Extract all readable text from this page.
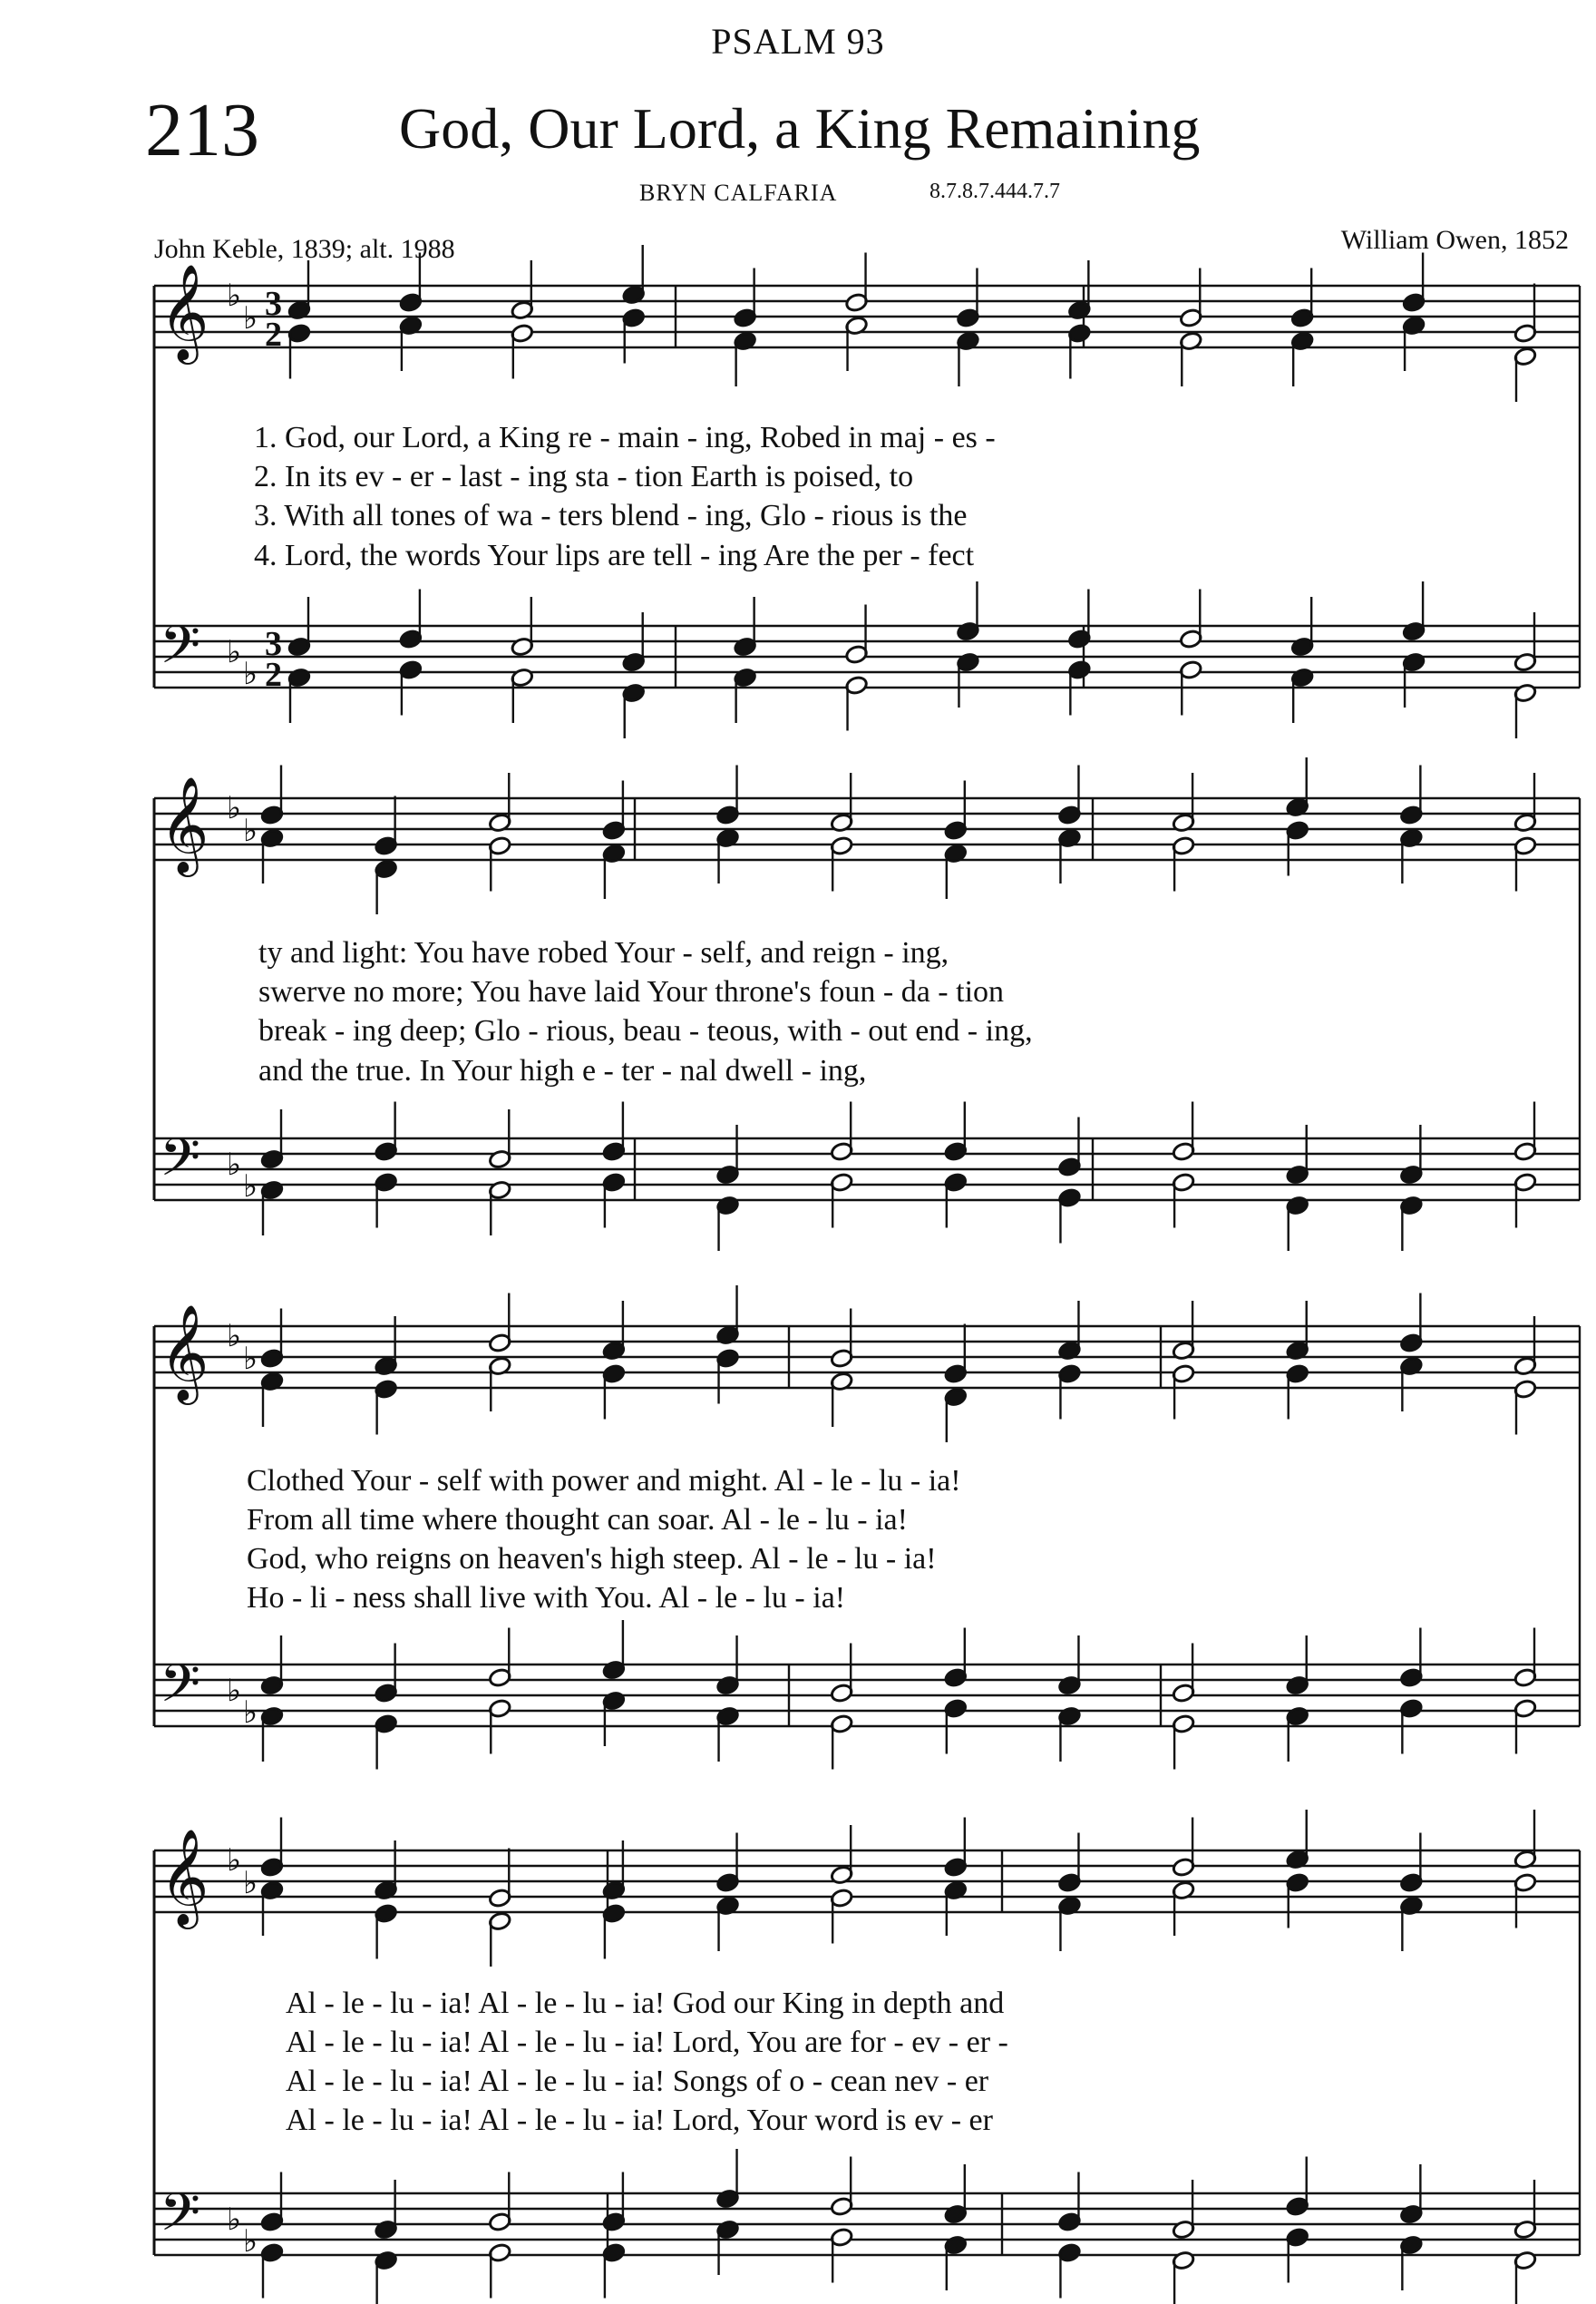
PSALM 93
213 God, Our Lord, a King Remaining
BRYN CALFARIA	8.7.8.7.444.7.7
John Keble, 1839; alt. 1988	William Owen, 1852
𝄞
𝄢
♭
♭
♭
♭
3
2
3
2
𝄞
𝄢
♭
♭
♭
♭
𝄞
𝄢
♭
♭
♭
♭
𝄞
𝄢
♭
♭
♭
♭
1. God, our Lord, a King re - main - ing, Robed in maj - es -
2. In its ev - er - last - ing sta - tion Earth is poised, to
3. With all tones of wa - ters blend - ing, Glo - rious is the
4. Lord, the words Your lips are tell - ing Are the per - fect
ty and light: You have robed Your - self, and reign - ing,
swerve no more; You have laid Your throne's foun - da - tion
break - ing deep; Glo - rious, beau - teous, with - out end - ing,
and the true. In Your high e - ter - nal dwell - ing,
Clothed Your - self with power and might. Al - le - lu - ia!
From all time where thought can soar. Al - le - lu - ia!
God, who reigns on heaven's high steep. Al - le - lu - ia!
Ho - li - ness shall live with You. Al - le - lu - ia!
Al - le - lu - ia! Al - le - lu - ia! God our King in depth and
Al - le - lu - ia! Al - le - lu - ia! Lord, You are for - ev - er -
Al - le - lu - ia! Al - le - lu - ia! Songs of o - cean nev - er
Al - le - lu - ia! Al - le - lu - ia! Lord, Your word is ev - er
